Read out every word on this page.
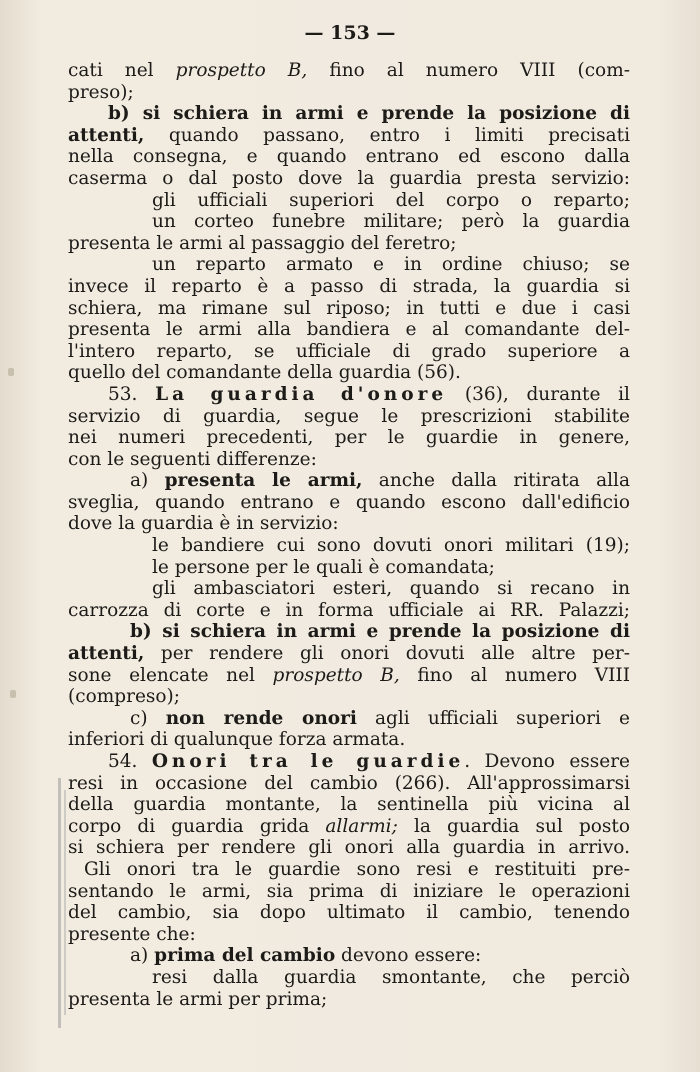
— 153 —
cati nel prospetto B, fino al numero VIII (com-
preso);
b) si schiera in armi e prende la posizione di
attenti, quando passano, entro i limiti precisati
nella consegna, e quando entrano ed escono dalla
caserma o dal posto dove la guardia presta servizio:
gli ufficiali superiori del corpo o reparto;
un corteo funebre militare; però la guardia
presenta le armi al passaggio del feretro;
un reparto armato e in ordine chiuso; se
invece il reparto è a passo di strada, la guardia si
schiera, ma rimane sul riposo; in tutti e due i casi
presenta le armi alla bandiera e al comandante del-
l'intero reparto, se ufficiale di grado superiore a
quello del comandante della guardia (56).
53. La guardia d'onore (36), durante il
servizio di guardia, segue le prescrizioni stabilite
nei numeri precedenti, per le guardie in genere,
con le seguenti differenze:
a) presenta le armi, anche dalla ritirata alla
sveglia, quando entrano e quando escono dall'edificio
dove la guardia è in servizio:
le bandiere cui sono dovuti onori militari (19);
le persone per le quali è comandata;
gli ambasciatori esteri, quando si recano in
carrozza di corte e in forma ufficiale ai RR. Palazzi;
b) si schiera in armi e prende la posizione di
attenti, per rendere gli onori dovuti alle altre per-
sone elencate nel prospetto B, fino al numero VIII
(compreso);
c) non rende onori agli ufficiali superiori e
inferiori di qualunque forza armata.
54. Onori tra le guardie. Devono essere
resi in occasione del cambio (266). All'approssimarsi
della guardia montante, la sentinella più vicina al
corpo di guardia grida allarmi; la guardia sul posto
si schiera per rendere gli onori alla guardia in arrivo.
Gli onori tra le guardie sono resi e restituiti pre-
sentando le armi, sia prima di iniziare le operazioni
del cambio, sia dopo ultimato il cambio, tenendo
presente che:
a) prima del cambio devono essere:
resi dalla guardia smontante, che perciò
presenta le armi per prima;
